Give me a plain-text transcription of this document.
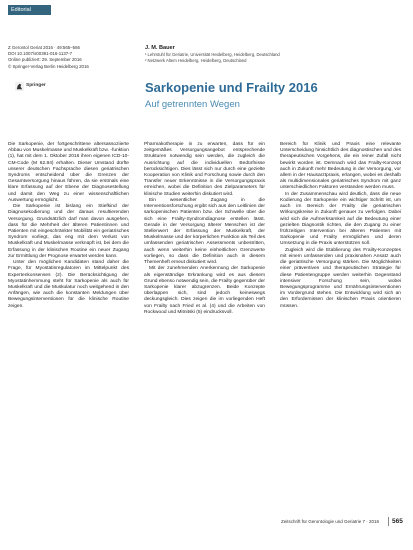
Editorial
Z Gerontol Geriat 2016 · 49:565–566
DOI 10.1007/s00391-016-1137-7
Online publiziert: 29. September 2016
© Springer-Verlag Berlin Heidelberg 2016
Springer
J. M. Bauer
¹ Lehrstuhl für Geriatrie, Universität Heidelberg, Heidelberg, Deutschland
² Netzwerk Altern Heidelberg, Heidelberg, Deutschland
Sarkopenie und Frailty 2016
Auf getrennten Wegen

Die Sarkopenie, der fortgeschrittene altersassoziierte Abbau von Muskelmasse und Muskelkraft bzw. -funktion (1), hat mit dem 1. Oktober 2016 ihren eigenen ICD-10-CM-Code (M 62.84) erhalten. Dieser Umstand dürfte unserer deutschen Fachsprache diesen geriatrischen Syndroms entscheidend über die Grenzen der Gesamtversorgung hinaus führen, da sie erstmals eine klare Erfassung auf der Ebene der Diagnosestellung und damit den Weg zu einer wissenschaftlichen Auswertung ermöglicht.

Die Sarkopenie ist bislang ein Stiefkind der Diagnosekodierung und der daraus resultierenden Versorgung. Grundsätzlich darf man davon ausgehen, dass für die Mehrheit der älteren Patientinnen und Patienten mit eingeschränkter Mobilität ein geriatrisches Syndrom vorliegt, das eng mit dem Verlust von Muskelkraft und Muskelmasse verknüpft ist, bei dem die Erfassung in der klinischen Routine ein neuer Zugang zur Ermittlung der Prognose erwartet werden kann.

Unter den möglichen Kandidaten stand daher die Frage, für Myostatinregulatoren im Mittelpunkt des Expertenkonsenses (2). Die Berücksichtigung der Myostatinhemmung steht für Sarkopenie als auch für Muskelkraft und die Muskulatur noch weitgehend in den Anfängen, wie auch die konstanten Meldungen über Bewegungsinterventionen für die klinische Routine zeigen.

Pharmakotherapie in zu erwarten, dass für ein zeitgemäßes Versorgungsangebot entsprechende Strukturen notwendig sein werden, die zugleich die Ausrichtung auf die individuellen Bedürfnisse berücksichtigen. Dies lässt sich nur durch eine gezielte Kooperation von Klinik und Forschung sowie durch den Transfer neuer Erkenntnisse in die Versorgungspraxis erreichen, wobei die Definition des Zielparameters für klinische Studien weiterhin diskutiert wird.

Ein wesentlicher Zugang in die Interventionsforschung ergibt sich aus den Leitlinien der sarkopenischen Patienten bzw. der Schwelle über die sich eine Frailty-Syndromdiagnose erstellen lässt. Gerade in der Versorgung älterer Menschen ist der Stellenwert der Erfassung der Muskelkraft, der Muskelmasse und der körperlichen Funktion als Teil des umfassenden geriatrischen Assessments unbestritten, auch wenn weiterhin keine einheitlichen Grenzwerte vorliegen, so dass die Definition auch in diesem Themenheft erneut diskutiert wird.

Mit der zunehmenden Anerkennung der Sarkopenie als eigenständige Erkrankung wird es aus diesem Grund ebenso notwendig sein, die Frailty gegenüber der Sarkopenie klarer abzugrenzen. Beide Konzepte überlappen sich, sind jedoch keineswegs deckungsgleich. Dies zeigen die im vorliegenden Heft von Frailty nach Fried et al. (4) und die Arbeiten von Rockwood und Mitnitski (5) eindrucksvoll.

Bereich für Klinik und Praxis eine relevante Unterscheidung hinsichtlich des diagnostischen und des therapeutischen Vorgehens, die ein reiner Zufall nicht bewirkt worden ist. Demnach wird das Frailty-Konzept auch in Zukunft mehr Bedeutung in der Versorgung, vor allem in der Hausarztpraxis, erlangen, wobei es deshalb als multidimensionales geriatrisches Syndrom mit ganz unterschiedlichen Faktoren verstanden werden muss.

In der Zusammenschau wird deutlich, dass die neue Kodierung der Sarkopenie ein wichtiger Schritt ist, um auch im Bereich der Frailty die geriatrischen Wirkungskreise in Zukunft genauer zu verfolgen. Dabei wird sich die Aufmerksamkeit auf die Bedeutung einer gezielten Diagnostik richten, die den Zugang zu einer frühzeitigen Intervention bei älteren Patienten mit Sarkopenie und Frailty ermöglichen und deren Umsetzung in die Praxis unterstützen soll.

Zugleich wird die Etablierung des Frailty-Konzeptes mit einem umfassenden und praxisnahen Ansatz auch die geriatrische Versorgung stärken. Die Möglichkeiten einer präventiven und therapeutischen Strategie für diese Patientengruppe werden weiterhin Gegenstand intensiver Forschung sein, wobei Bewegungsprogramme und Ernährungsinterventionen im Vordergrund stehen. Die Entwicklung wird sich an den Erfordernissen der klinischen Praxis orientieren müssen.

Zeitschrift für Gerontologie und Geriatrie 7 · 2016 565
